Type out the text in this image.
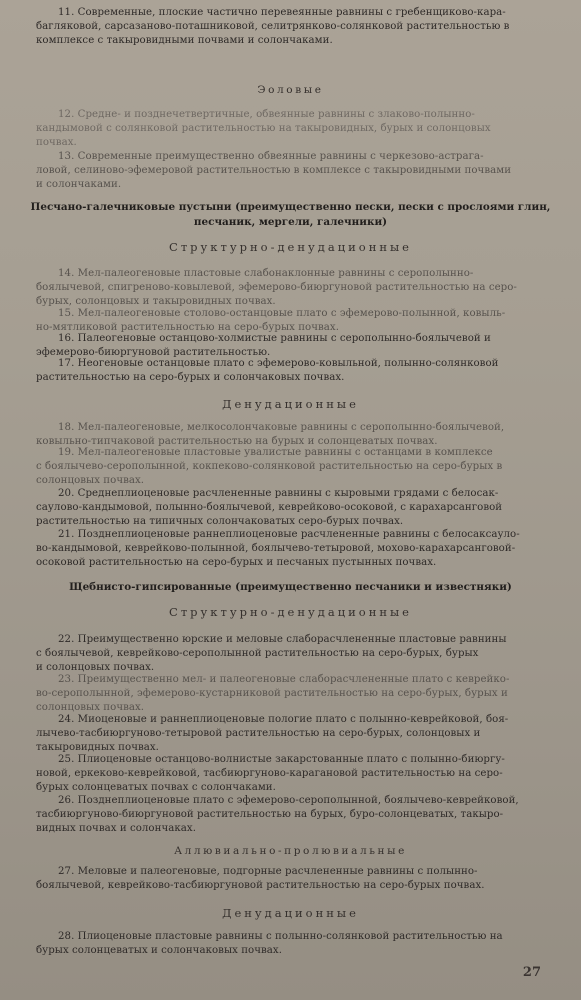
11. Современные, плоские частично перевеянные равнины с гребенщиково-кара-
багляковой, сарсазаново-поташниковой, селитрянково-солянковой растительностью в
комплексе с такыровидными почвами и солончаками.

Эоловые

12. Средне- и позднечетвертичные, обвеянные равнины с злаково-полынно-
кандымовой с солянковой растительностью на такыровидных, бурых и солонцовых
почвах.

13. Современные преимущественно обвеянные равнины с черкезово-астрага-
ловой, селиново-эфемеровой растительностью в комплексе с такыровидными почвами
и солончаками.

Песчано-галечниковые пустыни (преимущественно пески, пески с прослоями глин,
песчаник, мергели, галечники)
Структурно-денудационные

14. Мел-палеогеновые пластовые слабонаклонные равнины с серополынно-
боялычевой, спигреново-ковылевой, эфемерово-биюргуновой растительностью на серо-
бурых, солонцовых и такыровидных почвах.

15. Мел-палеогеновые столово-останцовые плато с эфемерово-полынной, ковыль-
но-мятликовой растительностью на серо-бурых почвах.

16. Палеогеновые останцово-холмистые равнины с серополынно-боялычевой и
эфемерово-биюргуновой растительностью.

17. Неогеновые останцовые плато с эфемерово-ковыльной, полынно-солянковой
растительностью на серо-бурых и солончаковых почвах.

Денудационные

18. Мел-палеогеновые, мелкосолончаковые равнины с серополынно-боялычевой,
ковыльно-типчаковой растительностью на бурых и солонцеватых почвах.

19. Мел-палеогеновые пластовые увалистые равнины с останцами в комплексе
с боялычево-серополынной, кокпеково-солянковой растительностью на серо-бурых в
солонцовых почвах.

20. Среднеплиоценовые расчлененные равнины с кыровыми грядами с белосак-
саулово-кандымовой, полынно-боялычевой, кеврейково-осоковой, с карахарсанговой
растительностью на типичных солончаковатых серо-бурых почвах.

21. Позднеплиоценовые раннеплиоценовые расчлененные равнины с белосаксауло-
во-кандымовой, кеврейково-полынной, боялычево-тетыровой, мохово-карахарсанговой-
осоковой растительностью на серо-бурых и песчаных пустынных почвах.

Щебнисто-гипсированные (преимущественно песчаники и известняки)
Структурно-денудационные

22. Преимущественно юрские и меловые слаборасчлененные пластовые равнины
с боялычевой, кеврейково-серополынной растительностью на серо-бурых, бурых
и солонцовых почвах.

23. Преимущественно мел- и палеогеновые слаборасчлененные плато с кеврейко-
во-серополынной, эфемерово-кустарниковой растительностью на серо-бурых, бурых и
солонцовых почвах.

24. Миоценовые и раннеплиоценовые пологие плато с полынно-кеврейковой, боя-
лычево-тасбиюргуново-тетыровой растительностью на серо-бурых, солонцовых и
такыровидных почвах.

25. Плиоценовые останцово-волнистые закарстованные плато с полынно-биюргу-
новой, еркеково-кеврейковой, тасбиюргуново-карагановой растительностью на серо-
бурых солонцеватых почвах с солончаками.

26. Позднеплиоценовые плато с эфемерово-серополынной, боялычево-кеврейковой,
тасбиюргуново-биюргуновой растительностью на бурых, буро-солонцеватых, такыро-
видных почвах и солончаках.

Аллювиально-пролювиальные

27. Меловые и палеогеновые, подгорные расчлененные равнины с полынно-
боялычевой, кеврейково-тасбиюргуновой растительностью на серо-бурых почвах.

Денудационные

28. Плиоценовые пластовые равнины с полынно-солянковой растительностью на
бурых солонцеватых и солончаковых почвах.

27
